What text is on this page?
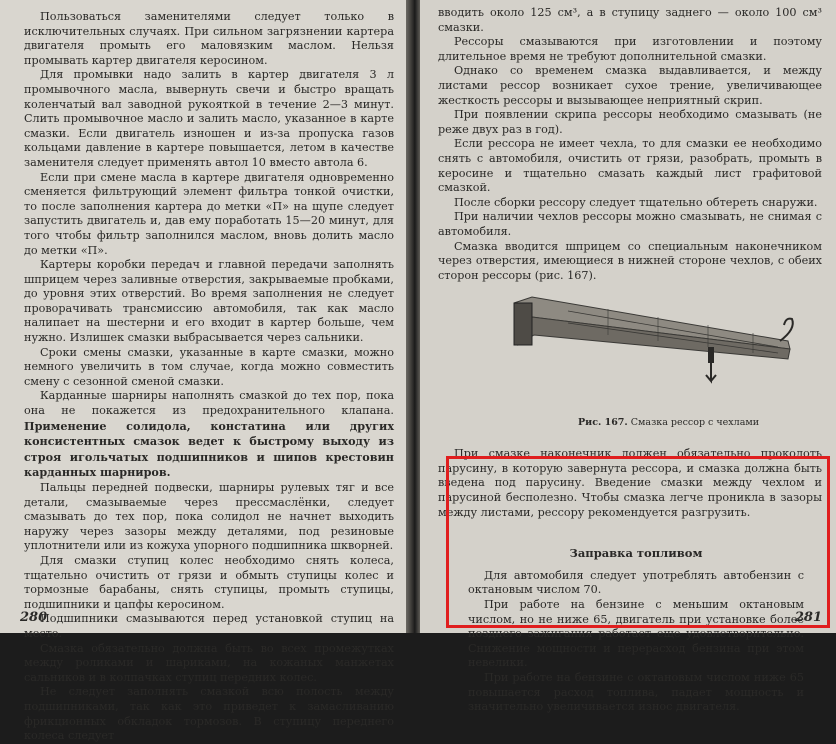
Пользоваться заменителями следует только в исключительных случаях. При сильном загрязнении картера двигателя промыть его маловязким маслом. Нельзя промывать картер двигателя керосином.

Для промывки надо залить в картер двигателя 3 л промывочного масла, вывернуть свечи и быстро вращать коленчатый вал заводной рукояткой в течение 2—3 минут. Слить промывочное масло и залить масло, указанное в карте смазки. Если двигатель изношен и из-за пропуска газов кольцами давление в картере повышается, летом в качестве заменителя следует применять автол 10 вместо автола 6.

Если при смене масла в картере двигателя одновременно сменяется фильтрующий элемент фильтра тонкой очистки, то после заполнения картера до метки «П» на щупе следует запустить двигатель и, дав ему поработать 15—20 минут, для того чтобы фильтр заполнился маслом, вновь долить масло до метки «П».

Картеры коробки передач и главной передачи заполнять шприцем через заливные отверстия, закрываемые пробками, до уровня этих отверстий. Во время заполнения не следует проворачивать трансмиссию автомобиля, так как масло налипает на шестерни и его входит в картер больше, чем нужно. Излишек смазки выбрасывается через сальники.

Сроки смены смазки, указанные в карте смазки, можно немного увеличить в том случае, когда можно совместить смену с сезонной сменой смазки.

Карданные шарниры наполнять смазкой до тех пор, пока она не покажется из предохранительного клапана. Применение солидола, констатина или других консистентных смазок ведет к быстрому выходу из строя игольчатых подшипников и шипов крестовин карданных шарниров.

Пальцы передней подвески, шарниры рулевых тяг и все детали, смазываемые через прессмаслёнки, следует смазывать до тех пор, пока солидол не начнет выходить наружу через зазоры между деталями, под резиновые уплотнители или из кожуха упорного подшипника шкворней.

Для смазки ступиц колес необходимо снять колеса, тщательно очистить от грязи и обмыть ступицы колес и тормозные барабаны, снять ступицы, промыть ступицы, подшипники и цапфы керосином.

Подшипники смазываются перед установкой ступиц на место.

Смазка обязательно должна быть во всех промежутках между роликами и шариками, на кожаных манжетах сальников и в колпачках ступиц передних колес.

Не следует заполнять смазкой всю полость между подшипниками, так как это приведет к замасливанию фрикционных обкладок тормозов. В ступицу переднего колеса следует

280

вводить около 125 см³, а в ступицу заднего — около 100 см³ смазки.

Рессоры смазываются при изготовлении и поэтому длительное время не требуют дополнительной смазки.

Однако со временем смазка выдавливается, и между листами рессор возникает сухое трение, увеличивающее жесткость рессоры и вызывающее неприятный скрип.

При появлении скрипа рессоры необходимо смазывать (не реже двух раз в год).

Если рессора не имеет чехла, то для смазки ее необходимо снять с автомобиля, очистить от грязи, разобрать, промыть в керосине и тщательно смазать каждый лист графитовой смазкой.

После сборки рессору следует тщательно обтереть снаружи.

При наличии чехлов рессоры можно смазывать, не снимая с автомобиля.

Смазка вводится шприцем со специальным наконечником через отверстия, имеющиеся в нижней стороне чехлов, с обеих сторон рессоры (рис. 167).

Рис. 167. Смазка рессор с чехлами

При смазке наконечник должен обязательно проколоть парусину, в которую завернута рессора, и смазка должна быть введена под парусину. Введение смазки между чехлом и парусиной бесполезно. Чтобы смазка легче проникла в зазоры между листами, рессору рекомендуется разгрузить.

Заправка топливом

Для автомобиля следует употреблять автобензин с октановым числом 70.

При работе на бензине с меньшим октановым числом, но не ниже 65, двигатель при установке более позднего зажигания работает еще удовлетворительно. Снижение мощности и перерасход бензина при этом невелики.

При работе на бензине с октановым числом ниже 65 повышается расход топлива, падает мощность и значительно увеличивается износ двигателя.

281
